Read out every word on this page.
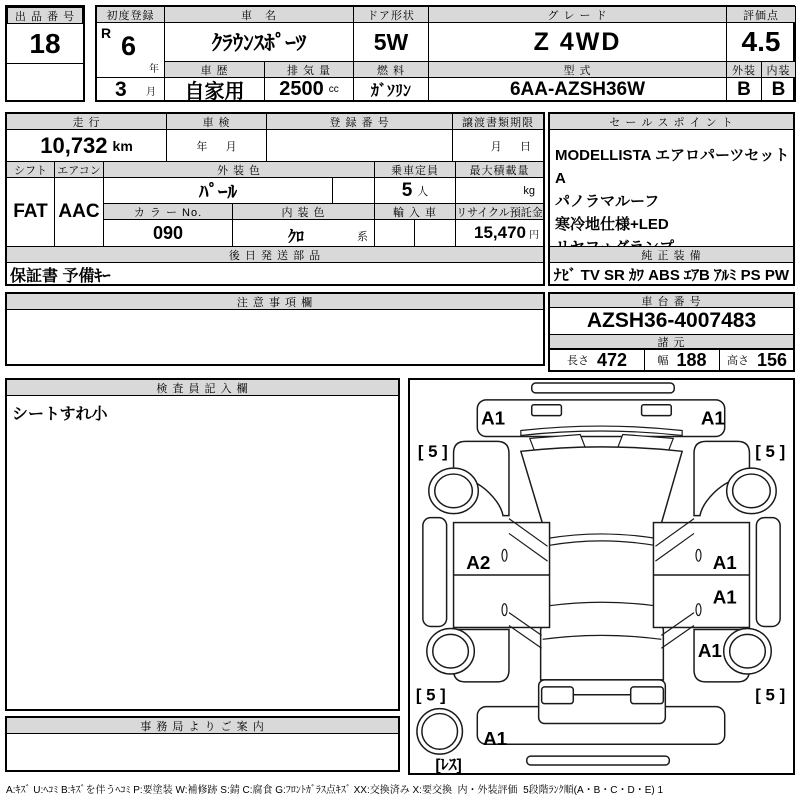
出 品 番 号
18
初度登録	車　名	ドア形状	グ レ ー ド	評価点
R 6
年
3 月
ｸﾗｳﾝｽﾎﾟｰﾂ	5W	Z 4WD	4.5
車 歴	排 気 量	燃 料	型 式	外装 内装
自家用	2500 cc	ｶﾞｿﾘﾝ	6AA-AZSH36W	B	B
走 行	車 検	登 録 番 号	譲渡書類期限
10,732 km	年      月	月      日
シフト エアコン	外 装 色	乗車定員	最大積載量
FAT AAC
ﾊﾟｰﾙ	5 人	kg
カ ラ ー No.	内 装 色	輸 入 車	リサイクル預託金
090	ｸﾛ	系	15,470 円
後 日 発 送 部 品
保証書 予備ｷｰ
セ ー ル ス ポ イ ン ト
MODELLISTA エアロパーツセットA
パノラマルーフ
寒冷地仕様+LED
純 正 装 備
ﾅﾋﾞ TV SR ｶﾜ ABS ｴｱB ｱﾙﾐ PS PW
注 意 事 項 欄	車 台 番 号
AZSH36-4007483
諸 元
長さ 472	幅 188 高さ 156
検 査 員 記 入 欄
シートすれ小
事 務 局 よ り ご 案 内
A1	A1
[ 5 ]	[ 5 ]
A2	A1
A1
A1
[ 5 ]	[ 5 ]
A1
[ﾚｽ]
A:ｷｽﾞ U:ﾍｺﾐ B:ｷｽﾞを伴うﾍｺﾐ P:要塗装 W:補修跡 S:錆 C:腐食 G:ﾌﾛﾝﾄｶﾞﾗｽ点ｷｽﾞ XX:交換済み X:要交換  内・外装評価  5段階ﾗﾝｸ順(A・B・C・D・E) 1
